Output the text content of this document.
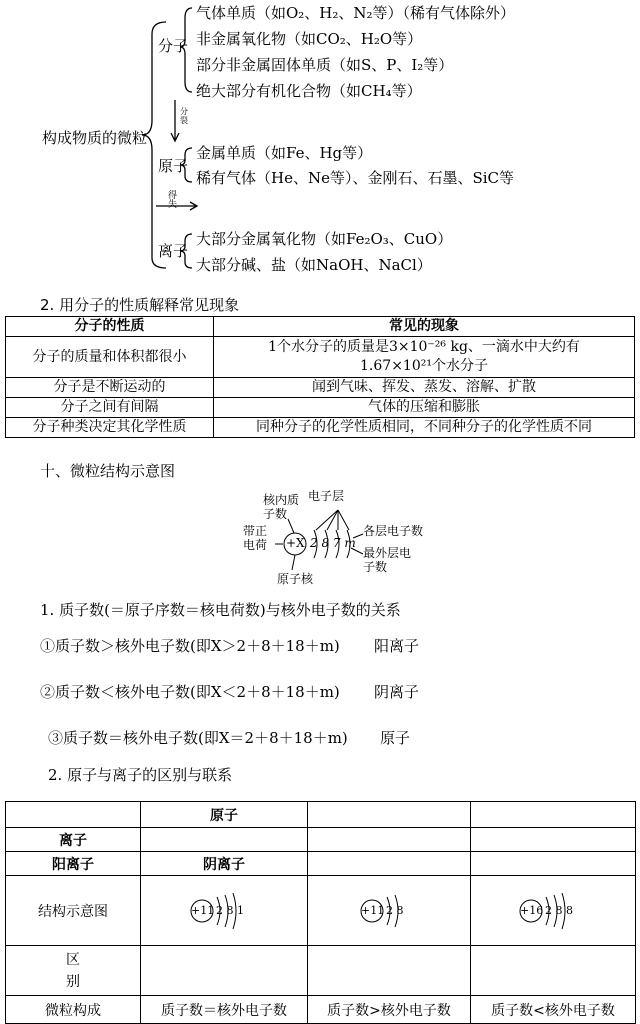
构成物质的微粒
分子
气体单质（如O₂、H₂、N₂等）（稀有气体除外）
非金属氧化物（如CO₂、H₂O等）
部分非金属固体单质（如S、P、I₂等）
绝大部分有机化合物（如CH₄等）
分裂
原子
金属单质（如Fe、Hg等）
稀有气体（He、Ne等）、金刚石、石墨、SiC等
得失
离子
大部分金属氧化物（如Fe₂O₃、CuO）
大部分碱、盐（如NaOH、NaCl）
2. 用分子的性质解释常见现象
分子的性质	常见的现象
分子的质量和体积都很小	1个水分子的质量是3×10⁻²⁶ kg、一滴水中大约有1.67×10²¹个水分子
分子是不断运动的	闻到气味、挥发、蒸发、溶解、扩散
分子之间有间隔	气体的压缩和膨胀
分子种类决定其化学性质	同种分子的化学性质相同，不同种分子的化学性质不同
十、微粒结构示意图
核内质子数
电子层
带正电荷 +X 2 8 7 m
各层电子数
最外层电子数
原子核
1. 质子数(＝原子序数＝核电荷数)与核外电子数的关系
①质子数＞核外电子数(即X＞2＋8＋18＋m) 阳离子
②质子数＜核外电子数(即X＜2＋8＋18＋m) 阴离子
③质子数＝核外电子数(即X＝2＋8＋18＋m) 原子
2. 原子与离子的区别与联系
	原子		
离子			
阳离子	阴离子		
结构示意图	+11 2 8 1	+11 2 8	+16 2 8 8

区
别			

微粒构成	质子数＝核外电子数	质子数>核外电子数	质子数<核外电子数
